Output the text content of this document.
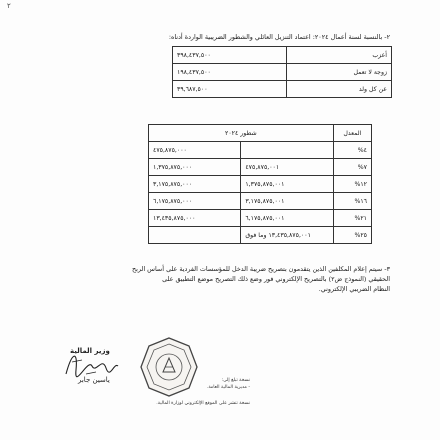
٢
٢- بالنسبة لسنة أعمال ٢٠٢٤: اعتماد التنزيل العائلي والشطور الضريبية الواردة أدناه:
٣٩٨,٤٣٧,٥٠٠	أعزب
١٩٨,٤٣٧,٥٠٠	زوجة لا تعمل
٣٩,٦٨٧,٥٠٠	عن كل ولد
شطور ٢٠٢٤		المعدل
٤٧٥,٨٧٥,٠٠٠		٤%
١,٣٧٥,٨٧٥,٠٠٠	٤٧٥,٨٧٥,٠٠١	٧%
٣,١٧٥,٨٧٥,٠٠٠	١,٣٧٥,٨٧٥,٠٠١	١٢%
٦,١٧٥,٨٧٥,٠٠٠	٣,١٧٥,٨٧٥,٠٠١	١٦%
١٣,٤٣٥,٨٧٥,٠٠٠	٦,١٧٥,٨٧٥,٠٠١	٢١%
	١٣,٤٣٥,٨٧٥,٠٠١ وما فوق	٢٥%
٣- سيتم إعلام المكلفين الذين يتقدمون بتصريح ضريبة الدخل للمؤسسات الفردية على أساس الربح
الحقيقي (النموذج ض٢) بالتصريح الإلكتروني فور وضع ذلك التصريح موضع التطبيق على
النظام الضريبي الإلكتروني.
وزير المالية
ياسين جابر	نسخة تبلغ إلى:
- مديرية المالية العامة.
نسخة تنشر على الموقع الإلكتروني لوزارة المالية.
